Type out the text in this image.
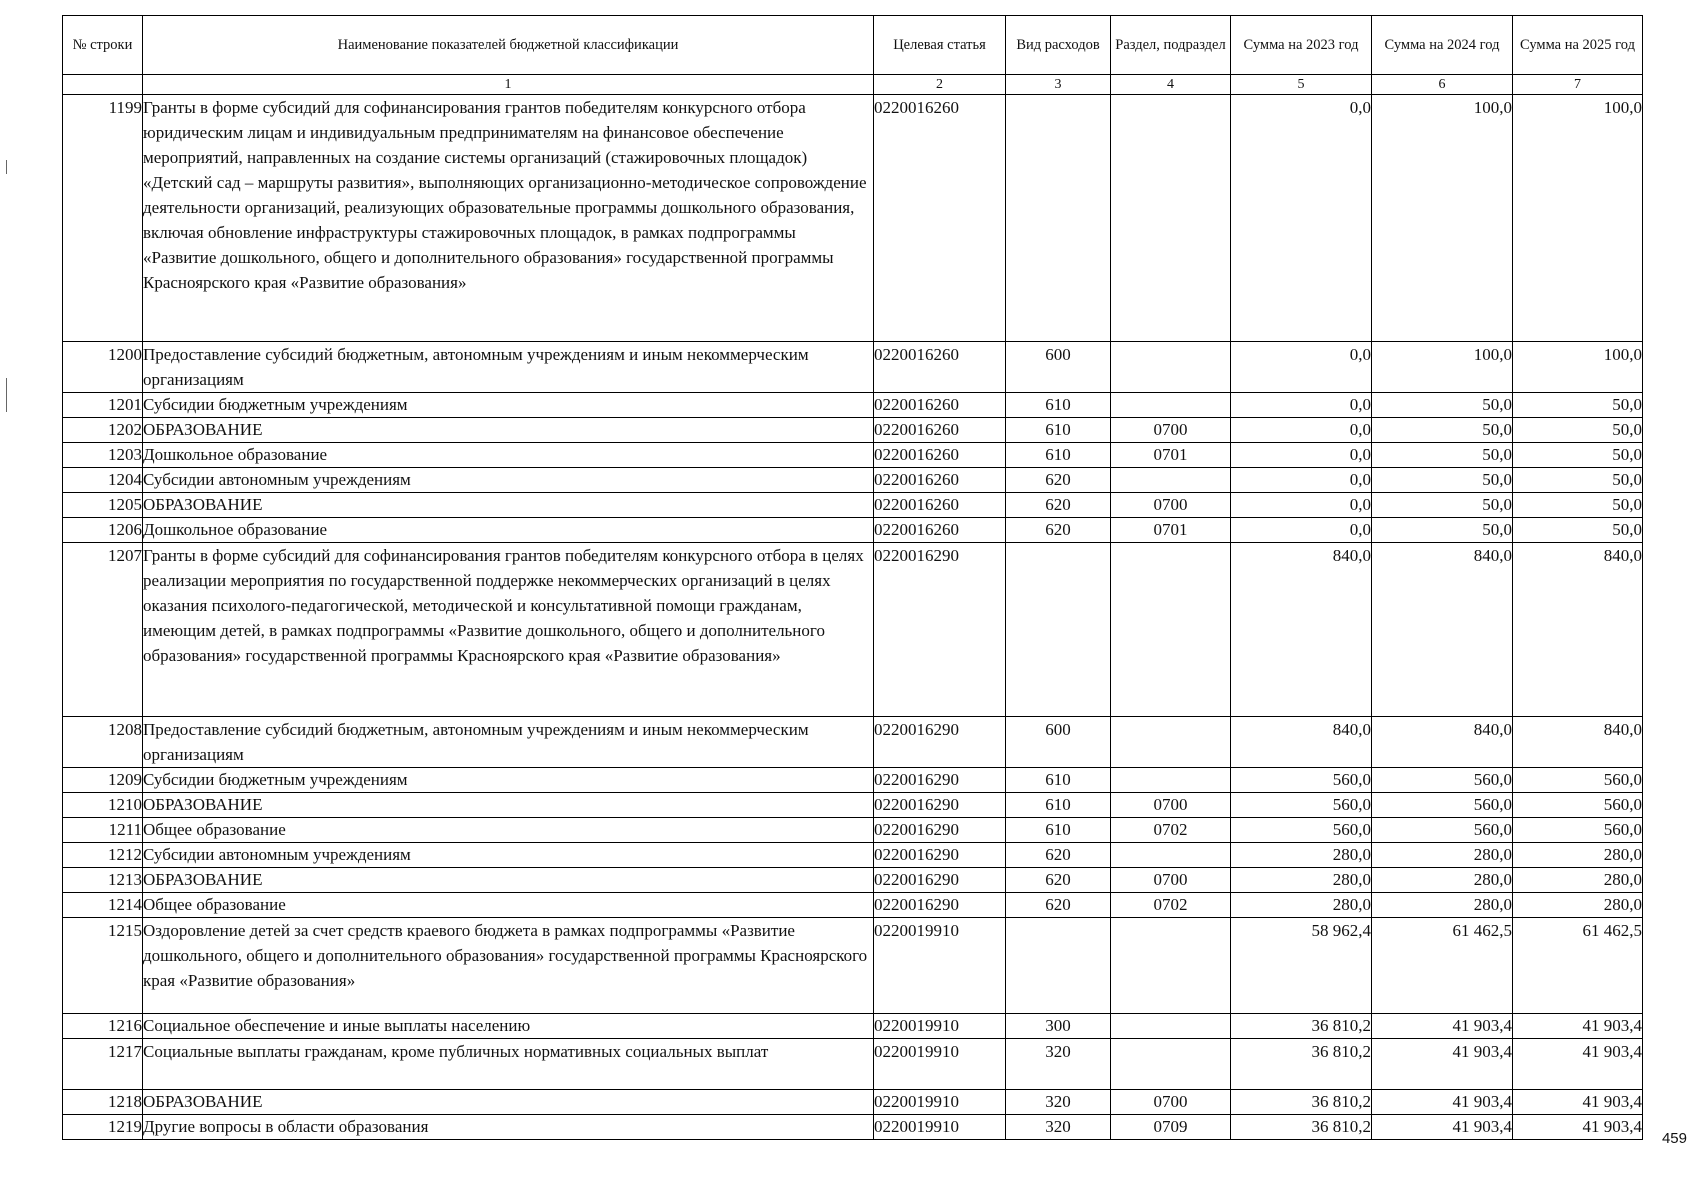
№ строки	Наименование показателей бюджетной классификации	Целевая статья	Вид расходов	Раздел, подраздел	Сумма на 2023 год	Сумма на 2024 год	Сумма на 2025 год
	1	2	3	4	5	6	7
1199	Гранты в форме субсидий для софинансирования грантов победителям конкурсного отбора юридическим лицам и индивидуальным предпринимателям на финансовое обеспечение мероприятий, направленных на создание системы организаций (стажировочных площадок) «Детский сад – маршруты развития», выполняющих организационно-методическое сопровождение деятельности организаций, реализующих образовательные программы дошкольного образования, включая обновление инфраструктуры стажировочных площадок, в рамках подпрограммы «Развитие дошкольного, общего и дополнительного образования» государственной программы Красноярского края «Развитие образования»	0220016260			0,0	100,0	100,0
1200	Предоставление субсидий бюджетным, автономным учреждениям и иным некоммерческим организациям	0220016260	600		0,0	100,0	100,0
1201	Субсидии бюджетным учреждениям	0220016260	610		0,0	50,0	50,0
1202	ОБРАЗОВАНИЕ	0220016260	610	0700	0,0	50,0	50,0
1203	Дошкольное образование	0220016260	610	0701	0,0	50,0	50,0
1204	Субсидии автономным учреждениям	0220016260	620		0,0	50,0	50,0
1205	ОБРАЗОВАНИЕ	0220016260	620	0700	0,0	50,0	50,0
1206	Дошкольное образование	0220016260	620	0701	0,0	50,0	50,0
1207	Гранты в форме субсидий для софинансирования грантов победителям конкурсного отбора в целях реализации мероприятия по государственной поддержке некоммерческих организаций в целях оказания психолого-педагогической, методической и консультативной помощи гражданам, имеющим детей, в рамках подпрограммы «Развитие дошкольного, общего и дополнительного образования» государственной программы Красноярского края «Развитие образования»	0220016290			840,0	840,0	840,0
1208	Предоставление субсидий бюджетным, автономным учреждениям и иным некоммерческим организациям	0220016290	600		840,0	840,0	840,0
1209	Субсидии бюджетным учреждениям	0220016290	610		560,0	560,0	560,0
1210	ОБРАЗОВАНИЕ	0220016290	610	0700	560,0	560,0	560,0
1211	Общее образование	0220016290	610	0702	560,0	560,0	560,0
1212	Субсидии автономным учреждениям	0220016290	620		280,0	280,0	280,0
1213	ОБРАЗОВАНИЕ	0220016290	620	0700	280,0	280,0	280,0
1214	Общее образование	0220016290	620	0702	280,0	280,0	280,0
1215	Оздоровление детей за счет средств краевого бюджета в рамках подпрограммы «Развитие дошкольного, общего и дополнительного образования» государственной программы Красноярского края «Развитие образования»	0220019910			58 962,4	61 462,5	61 462,5
1216	Социальное обеспечение и иные выплаты населению	0220019910	300		36 810,2	41 903,4	41 903,4
1217	Социальные выплаты гражданам, кроме публичных нормативных социальных выплат	0220019910	320		36 810,2	41 903,4	41 903,4
1218	ОБРАЗОВАНИЕ	0220019910	320	0700	36 810,2	41 903,4	41 903,4
1219	Другие вопросы в области образования	0220019910	320	0709	36 810,2	41 903,4	41 903,4
459
